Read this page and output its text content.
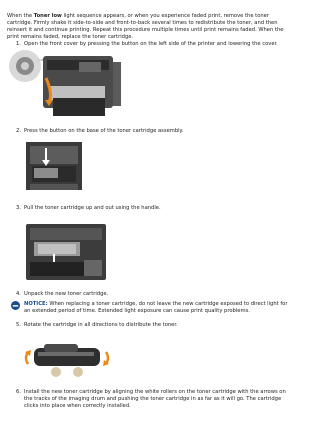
When the Toner low light sequence appears, or when you experience faded print, remove the toner cartridge. Firmly shake it side-to-side and front-to-back several times to redistribute the toner, and then reinsert it and continue printing. Repeat this procedure multiple times until print remains faded. When the print remains faded, replace the toner cartridge.
1. Open the front cover by pressing the button on the left side of the printer and lowering the cover.
2. Press the button on the base of the toner cartridge assembly.
3. Pull the toner cartridge up and out using the handle.
4. Unpack the new toner cartridge.
NOTICE: When replacing a toner cartridge, do not leave the new cartridge exposed to direct light for an extended period of time. Extended light exposure can cause print quality problems.
5. Rotate the cartridge in all directions to distribute the toner.
6. Install the new toner cartridge by aligning the white rollers on the toner cartridge with the arrows on the tracks of the imaging drum and pushing the toner cartridge in as far as it will go. The cartridge clicks into place when correctly installed.
